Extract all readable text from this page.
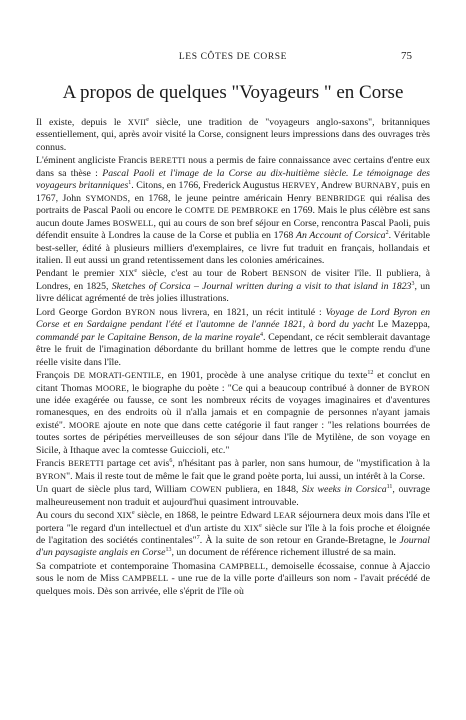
LES CÔTES DE CORSE	75
A propos de quelques "Voyageurs " en Corse

Il existe, depuis le XVIIe siècle, une tradition de "voyageurs anglo-saxons", britanniques essentiellement, qui, après avoir visité la Corse, consignent leurs impressions dans des ouvrages très connus.

L'éminent angliciste Francis BERETTI nous a permis de faire connaissance avec certains d'entre eux dans sa thèse : Pascal Paoli et l'image de la Corse au dix-huitième siècle. Le témoignage des voyageurs britanniques$^1$. Citons, en 1766, Frederick Augustus HERVEY, Andrew BURNABY, puis en 1767, John SYMONDS, en 1768, le jeune peintre américain Henry BENBRIDGE qui réalisa des portraits de Pascal Paoli ou encore le COMTE DE PEMBROKE en 1769. Mais le plus célèbre est sans aucun doute James BOSWELL, qui au cours de son bref séjour en Corse, rencontra Pascal Paoli, puis défendit ensuite à Londres la cause de la Corse et publia en 1768 An Account of Corsica$^2$. Véritable best-seller, édité à plusieurs milliers d'exemplaires, ce livre fut traduit en français, hollandais et italien. Il eut aussi un grand retentissement dans les colonies américaines.

Pendant le premier XIXe siècle, c'est au tour de Robert BENSON de visiter l'île. Il publiera, à Londres, en 1825, Sketches of Corsica – Journal written during a visit to that island in 1823$^3$, un livre délicat agrémenté de très jolies illustrations.

Lord George Gordon BYRON nous livrera, en 1821, un récit intitulé : Voyage de Lord Byron en Corse et en Sardaigne pendant l'été et l'automne de l'année 1821, à bord du yacht Le Mazeppa, commandé par le Capitaine Benson, de la marine royale$^4$. Cependant, ce récit semblerait davantage être le fruit de l'imagination débordante du brillant homme de lettres que le compte rendu d'une réelle visite dans l'île.

François DE MORATI-GENTILE, en 1901, procède à une analyse critique du texte$^{12}$ et conclut en citant Thomas MOORE, le biographe du poète : "Ce qui a beaucoup contribué à donner de BYRON une idée exagérée ou fausse, ce sont les nombreux récits de voyages imaginaires et d'aventures romanesques, en des endroits où il n'alla jamais et en compagnie de personnes n'ayant jamais existé". MOORE ajoute en note que dans cette catégorie il faut ranger : "les relations bourrées de toutes sortes de péripéties merveilleuses de son séjour dans l'île de Mytilène, de son voyage en Sicile, à Ithaque avec la comtesse Guiccioli, etc."

Francis BERETTI partage cet avis$^6$, n'hésitant pas à parler, non sans humour, de "mystification à la BYRON". Mais il reste tout de même le fait que le grand poète porta, lui aussi, un intérêt à la Corse.

Un quart de siècle plus tard, William COWEN publiera, en 1848, Six weeks in Corsica$^{11}$, ouvrage malheureusement non traduit et aujourd'hui quasiment introuvable.

Au cours du second XIXe siècle, en 1868, le peintre Edward LEAR séjournera deux mois dans l'île et portera "le regard d'un intellectuel et d'un artiste du XIXe siècle sur l'île à la fois proche et éloignée de l'agitation des sociétés continentales"$^7$. À la suite de son retour en Grande-Bretagne, le Journal d'un paysagiste anglais en Corse$^{13}$, un document de référence richement illustré de sa main.

Sa compatriote et contemporaine Thomasina CAMPBELL, demoiselle écossaise, connue à Ajaccio sous le nom de Miss CAMPBELL - une rue de la ville porte d'ailleurs son nom - l'avait précédé de quelques mois. Dès son arrivée, elle s'éprit de l'île où
